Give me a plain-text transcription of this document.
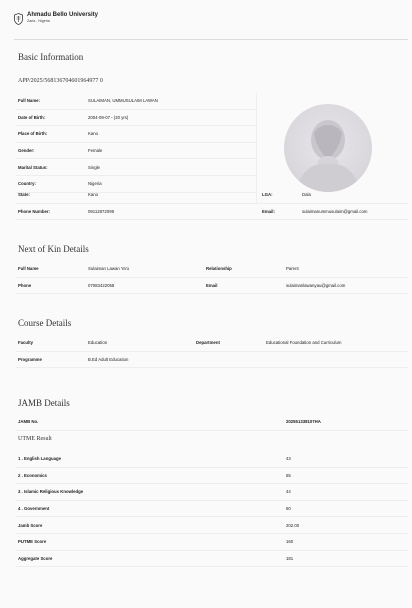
Ahmadu Bello University
Zaria - Nigeria
Basic Information
APP/2025/568136704601964977 0
Full Name:	SULAIMAN, UMMUSULAIM LAWAN
Date of Birth:	2004-09-07 - (20 yrs)
Place of Birth:	Kano
Gender:	Female
Marital Status:	Single
Country:	Nigeria
State:	Kano	LGA:	Dala
Phone Number:	09112872099	Email:	sulaimanummusulaim@gmail.com
Next of Kin Details
Full Name	Sulaiman Lawan Ya'u	Relationship	Parent
Phone	07083422058	Email	sulaimanlawanyau@gmail.com
Course Details
Faculty	Education	Department	Educational Foundation and Curriculum
Programme	B.Ed Adult Education		
JAMB Details
JAMB No.	202551338107HA
UTME Result
1 . English Language	43
2 . Economics	55
3 . Islamic Religious Knowledge	44
4 . Government	60
Jamb Score	202.00
PUTME Score	160
Aggregate Score	181
